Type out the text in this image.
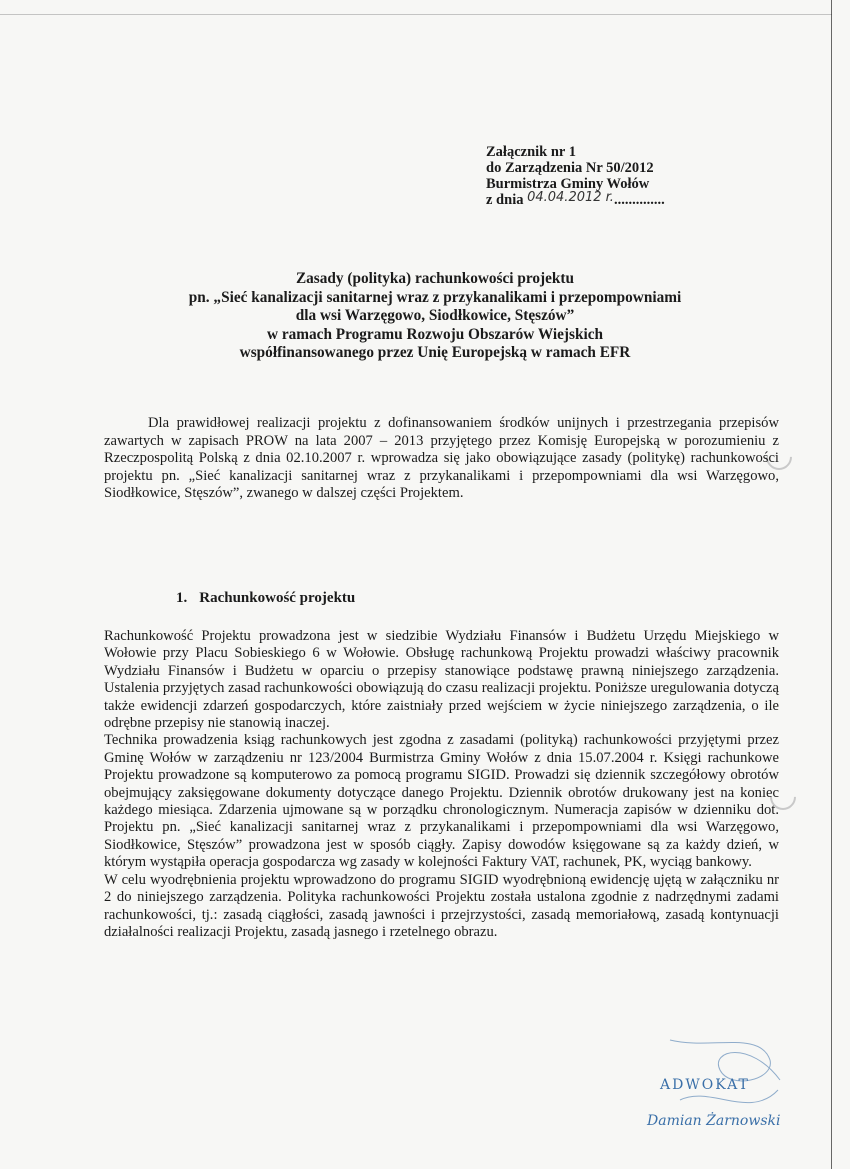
Załącznik nr 1
do Zarządzenia Nr 50/2012
Burmistrza Gminy Wołów
z dnia 04.04.2012 r...............
Zasady (polityka) rachunkowości projektu
pn. „Sieć kanalizacji sanitarnej wraz z przykanalikami i przepompowniami
dla wsi Warzęgowo, Siodłkowice, Stęszów”
w ramach Programu Rozwoju Obszarów Wiejskich
współfinansowanego przez Unię Europejską w ramach EFR
Dla prawidłowej realizacji projektu z dofinansowaniem środków unijnych i przestrzegania przepisów zawartych w zapisach PROW na lata 2007 – 2013 przyjętego przez Komisję Europejską w porozumieniu z Rzeczpospolitą Polską z dnia 02.10.2007 r. wprowadza się jako obowiązujące zasady (politykę) rachunkowości projektu pn. „Sieć kanalizacji sanitarnej wraz z przykanalikami i przepompowniami dla wsi Warzęgowo, Siodłkowice, Stęszów”, zwanego w dalszej części Projektem.
1. Rachunkowość projektu

Rachunkowość Projektu prowadzona jest w siedzibie Wydziału Finansów i Budżetu Urzędu Miejskiego w Wołowie przy Placu Sobieskiego 6 w Wołowie. Obsługę rachunkową Projektu prowadzi właściwy pracownik Wydziału Finansów i Budżetu w oparciu o przepisy stanowiące podstawę prawną niniejszego zarządzenia. Ustalenia przyjętych zasad rachunkowości obowiązują do czasu realizacji projektu. Poniższe uregulowania dotyczą także ewidencji zdarzeń gospodarczych, które zaistniały przed wejściem w życie niniejszego zarządzenia, o ile odrębne przepisy nie stanowią inaczej.

Technika prowadzenia ksiąg rachunkowych jest zgodna z zasadami (polityką) rachunkowości przyjętymi przez Gminę Wołów w zarządzeniu nr 123/2004 Burmistrza Gminy Wołów z dnia 15.07.2004 r. Księgi rachunkowe Projektu prowadzone są komputerowo za pomocą programu SIGID. Prowadzi się dziennik szczegółowy obrotów obejmujący zaksięgowane dokumenty dotyczące danego Projektu. Dziennik obrotów drukowany jest na koniec każdego miesiąca. Zdarzenia ujmowane są w porządku chronologicznym. Numeracja zapisów w dzienniku dot. Projektu pn. „Sieć kanalizacji sanitarnej wraz z przykanalikami i przepompowniami dla wsi Warzęgowo, Siodłkowice, Stęszów” prowadzona jest w sposób ciągły. Zapisy dowodów księgowane są za każdy dzień, w którym wystąpiła operacja gospodarcza wg zasady w kolejności Faktury VAT, rachunek, PK, wyciąg bankowy.

W celu wyodrębnienia projektu wprowadzono do programu SIGID wyodrębnioną ewidencję ujętą w załączniku nr 2 do niniejszego zarządzenia. Polityka rachunkowości Projektu została ustalona zgodnie z nadrzędnymi zadami rachunkowości, tj.: zasadą ciągłości, zasadą jawności i przejrzystości, zasadą memoriałową, zasadą kontynuacji działalności realizacji Projektu, zasadą jasnego i rzetelnego obrazu.

ADWOKAT
Damian Żarnowski
